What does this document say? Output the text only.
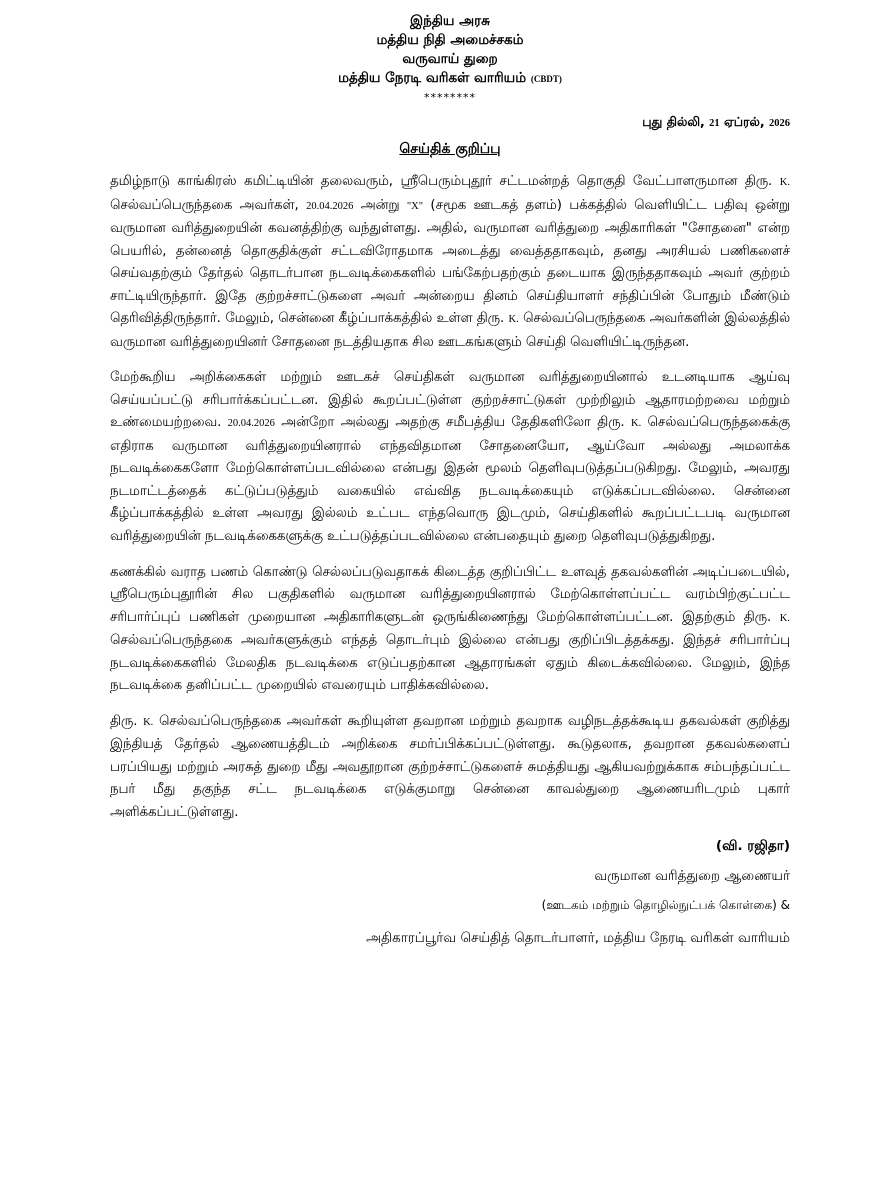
இந்திய அரசு
மத்திய நிதி அமைச்சகம்
வருவாய் துறை
மத்திய நேரடி வரிகள் வாரியம் (CBDT)
********
புது தில்லி, 21 ஏப்ரல், 2026
செய்திக் குறிப்பு

தமிழ்நாடு காங்கிரஸ் கமிட்டியின் தலைவரும், ஸ்ரீபெரும்புதூர் சட்டமன்றத் தொகுதி வேட்பாளருமான திரு. K. செல்வப்பெருந்தகை அவர்கள், 20.04.2026 அன்று "X" (சமூக ஊடகத் தளம்) பக்கத்தில் வெளியிட்ட பதிவு ஒன்று வருமான வரித்துறையின் கவனத்திற்கு வந்துள்ளது. அதில், வருமான வரித்துறை அதிகாரிகள் "சோதனை" என்ற பெயரில், தன்னைத் தொகுதிக்குள் சட்டவிரோதமாக அடைத்து வைத்ததாகவும், தனது அரசியல் பணிகளைச் செய்வதற்கும் தேர்தல் தொடர்பான நடவடிக்கைகளில் பங்கேற்பதற்கும் தடையாக இருந்ததாகவும் அவர் குற்றம் சாட்டியிருந்தார். இதே குற்றச்சாட்டுகளை அவர் அன்றைய தினம் செய்தியாளர் சந்திப்பின் போதும் மீண்டும் தெரிவித்திருந்தார். மேலும், சென்னை கீழ்ப்பாக்கத்தில் உள்ள திரு. K. செல்வப்பெருந்தகை அவர்களின் இல்லத்தில் வருமான வரித்துறையினர் சோதனை நடத்தியதாக சில ஊடகங்களும் செய்தி வெளியிட்டிருந்தன.

மேற்கூறிய அறிக்கைகள் மற்றும் ஊடகச் செய்திகள் வருமான வரித்துறையினால் உடனடியாக ஆய்வு செய்யப்பட்டு சரிபார்க்கப்பட்டன. இதில் கூறப்பட்டுள்ள குற்றச்சாட்டுகள் முற்றிலும் ஆதாரமற்றவை மற்றும் உண்மையற்றவை. 20.04.2026 அன்றோ அல்லது அதற்கு சமீபத்திய தேதிகளிலோ திரு. K. செல்வப்பெருந்தகைக்கு எதிராக வருமான வரித்துறையினரால் எந்தவிதமான சோதனையோ, ஆய்வோ அல்லது அமலாக்க நடவடிக்கைகளோ மேற்கொள்ளப்படவில்லை என்பது இதன் மூலம் தெளிவுபடுத்தப்படுகிறது. மேலும், அவரது நடமாட்டத்தைக் கட்டுப்படுத்தும் வகையில் எவ்வித நடவடிக்கையும் எடுக்கப்படவில்லை. சென்னை கீழ்ப்பாக்கத்தில் உள்ள அவரது இல்லம் உட்பட எந்தவொரு இடமும், செய்திகளில் கூறப்பட்டபடி வருமான வரித்துறையின் நடவடிக்கைகளுக்கு உட்படுத்தப்படவில்லை என்பதையும் துறை தெளிவுபடுத்துகிறது.

கணக்கில் வராத பணம் கொண்டு செல்லப்படுவதாகக் கிடைத்த குறிப்பிட்ட உளவுத் தகவல்களின் அடிப்படையில், ஸ்ரீபெரும்புதூரின் சில பகுதிகளில் வருமான வரித்துறையினரால் மேற்கொள்ளப்பட்ட வரம்பிற்குட்பட்ட சரிபார்ப்புப் பணிகள் முறையான அதிகாரிகளுடன் ஒருங்கிணைந்து மேற்கொள்ளப்பட்டன. இதற்கும் திரு. K. செல்வப்பெருந்தகை அவர்களுக்கும் எந்தத் தொடர்பும் இல்லை என்பது குறிப்பிடத்தக்கது. இந்தச் சரிபார்ப்பு நடவடிக்கைகளில் மேலதிக நடவடிக்கை எடுப்பதற்கான ஆதாரங்கள் ஏதும் கிடைக்கவில்லை. மேலும், இந்த நடவடிக்கை தனிப்பட்ட முறையில் எவரையும் பாதிக்கவில்லை.

திரு. K. செல்வப்பெருந்தகை அவர்கள் கூறியுள்ள தவறான மற்றும் தவறாக வழிநடத்தக்கூடிய தகவல்கள் குறித்து இந்தியத் தேர்தல் ஆணையத்திடம் அறிக்கை சமர்ப்பிக்கப்பட்டுள்ளது. கூடுதலாக, தவறான தகவல்களைப் பரப்பியது மற்றும் அரசுத் துறை மீது அவதூறான குற்றச்சாட்டுகளைச் சுமத்தியது ஆகியவற்றுக்காக சம்பந்தப்பட்ட நபர் மீது தகுந்த சட்ட நடவடிக்கை எடுக்குமாறு சென்னை காவல்துறை ஆணையரிடமும் புகார் அளிக்கப்பட்டுள்ளது.

(வி. ரஜிதா)
வருமான வரித்துறை ஆணையர்
(ஊடகம் மற்றும் தொழில்நுட்பக் கொள்கை) &
அதிகாரப்பூர்வ செய்தித் தொடர்பாளர், மத்திய நேரடி வரிகள் வாரியம்
